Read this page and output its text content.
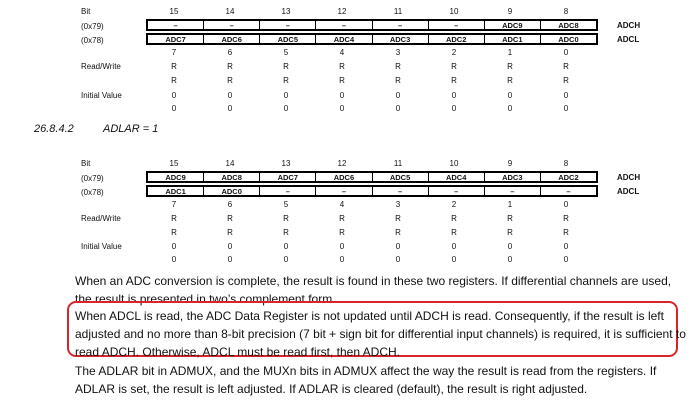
Bit	15	14	13	12	11	10	9	8
(0x79)	–	–	–	–	–	–	ADC9	ADC8	ADCH
(0x78)	ADC7	ADC6	ADC5	ADC4	ADC3	ADC2	ADC1	ADC0	ADCL
7	6	5	4	3	2	1	0
Read/Write	R	R	R	R	R	R	R	R
R	R	R	R	R	R	R	R
Initial Value	0	0	0	0	0	0	0	0
0	0	0	0	0	0	0	0
26.8.4.2	ADLAR = 1
Bit	15	14	13	12	11	10	9	8
(0x79)	ADC9	ADC8	ADC7	ADC6	ADC5	ADC4	ADC3	ADC2	ADCH
(0x78)	ADC1	ADC0	–	–	–	–	–	–	ADCL
7	6	5	4	3	2	1	0
Read/Write	R	R	R	R	R	R	R	R
R	R	R	R	R	R	R	R
Initial Value	0	0	0	0	0	0	0	0
0	0	0	0	0	0	0	0
When an ADC conversion is complete, the result is found in these two registers. If differential channels are used,
the result is presented in two’s complement form.
When ADCL is read, the ADC Data Register is not updated until ADCH is read. Consequently, if the result is left
adjusted and no more than 8-bit precision (7 bit + sign bit for differential input channels) is required, it is sufficient to
read ADCH. Otherwise, ADCL must be read first, then ADCH.
The ADLAR bit in ADMUX, and the MUXn bits in ADMUX affect the way the result is read from the registers. If
ADLAR is set, the result is left adjusted. If ADLAR is cleared (default), the result is right adjusted.
